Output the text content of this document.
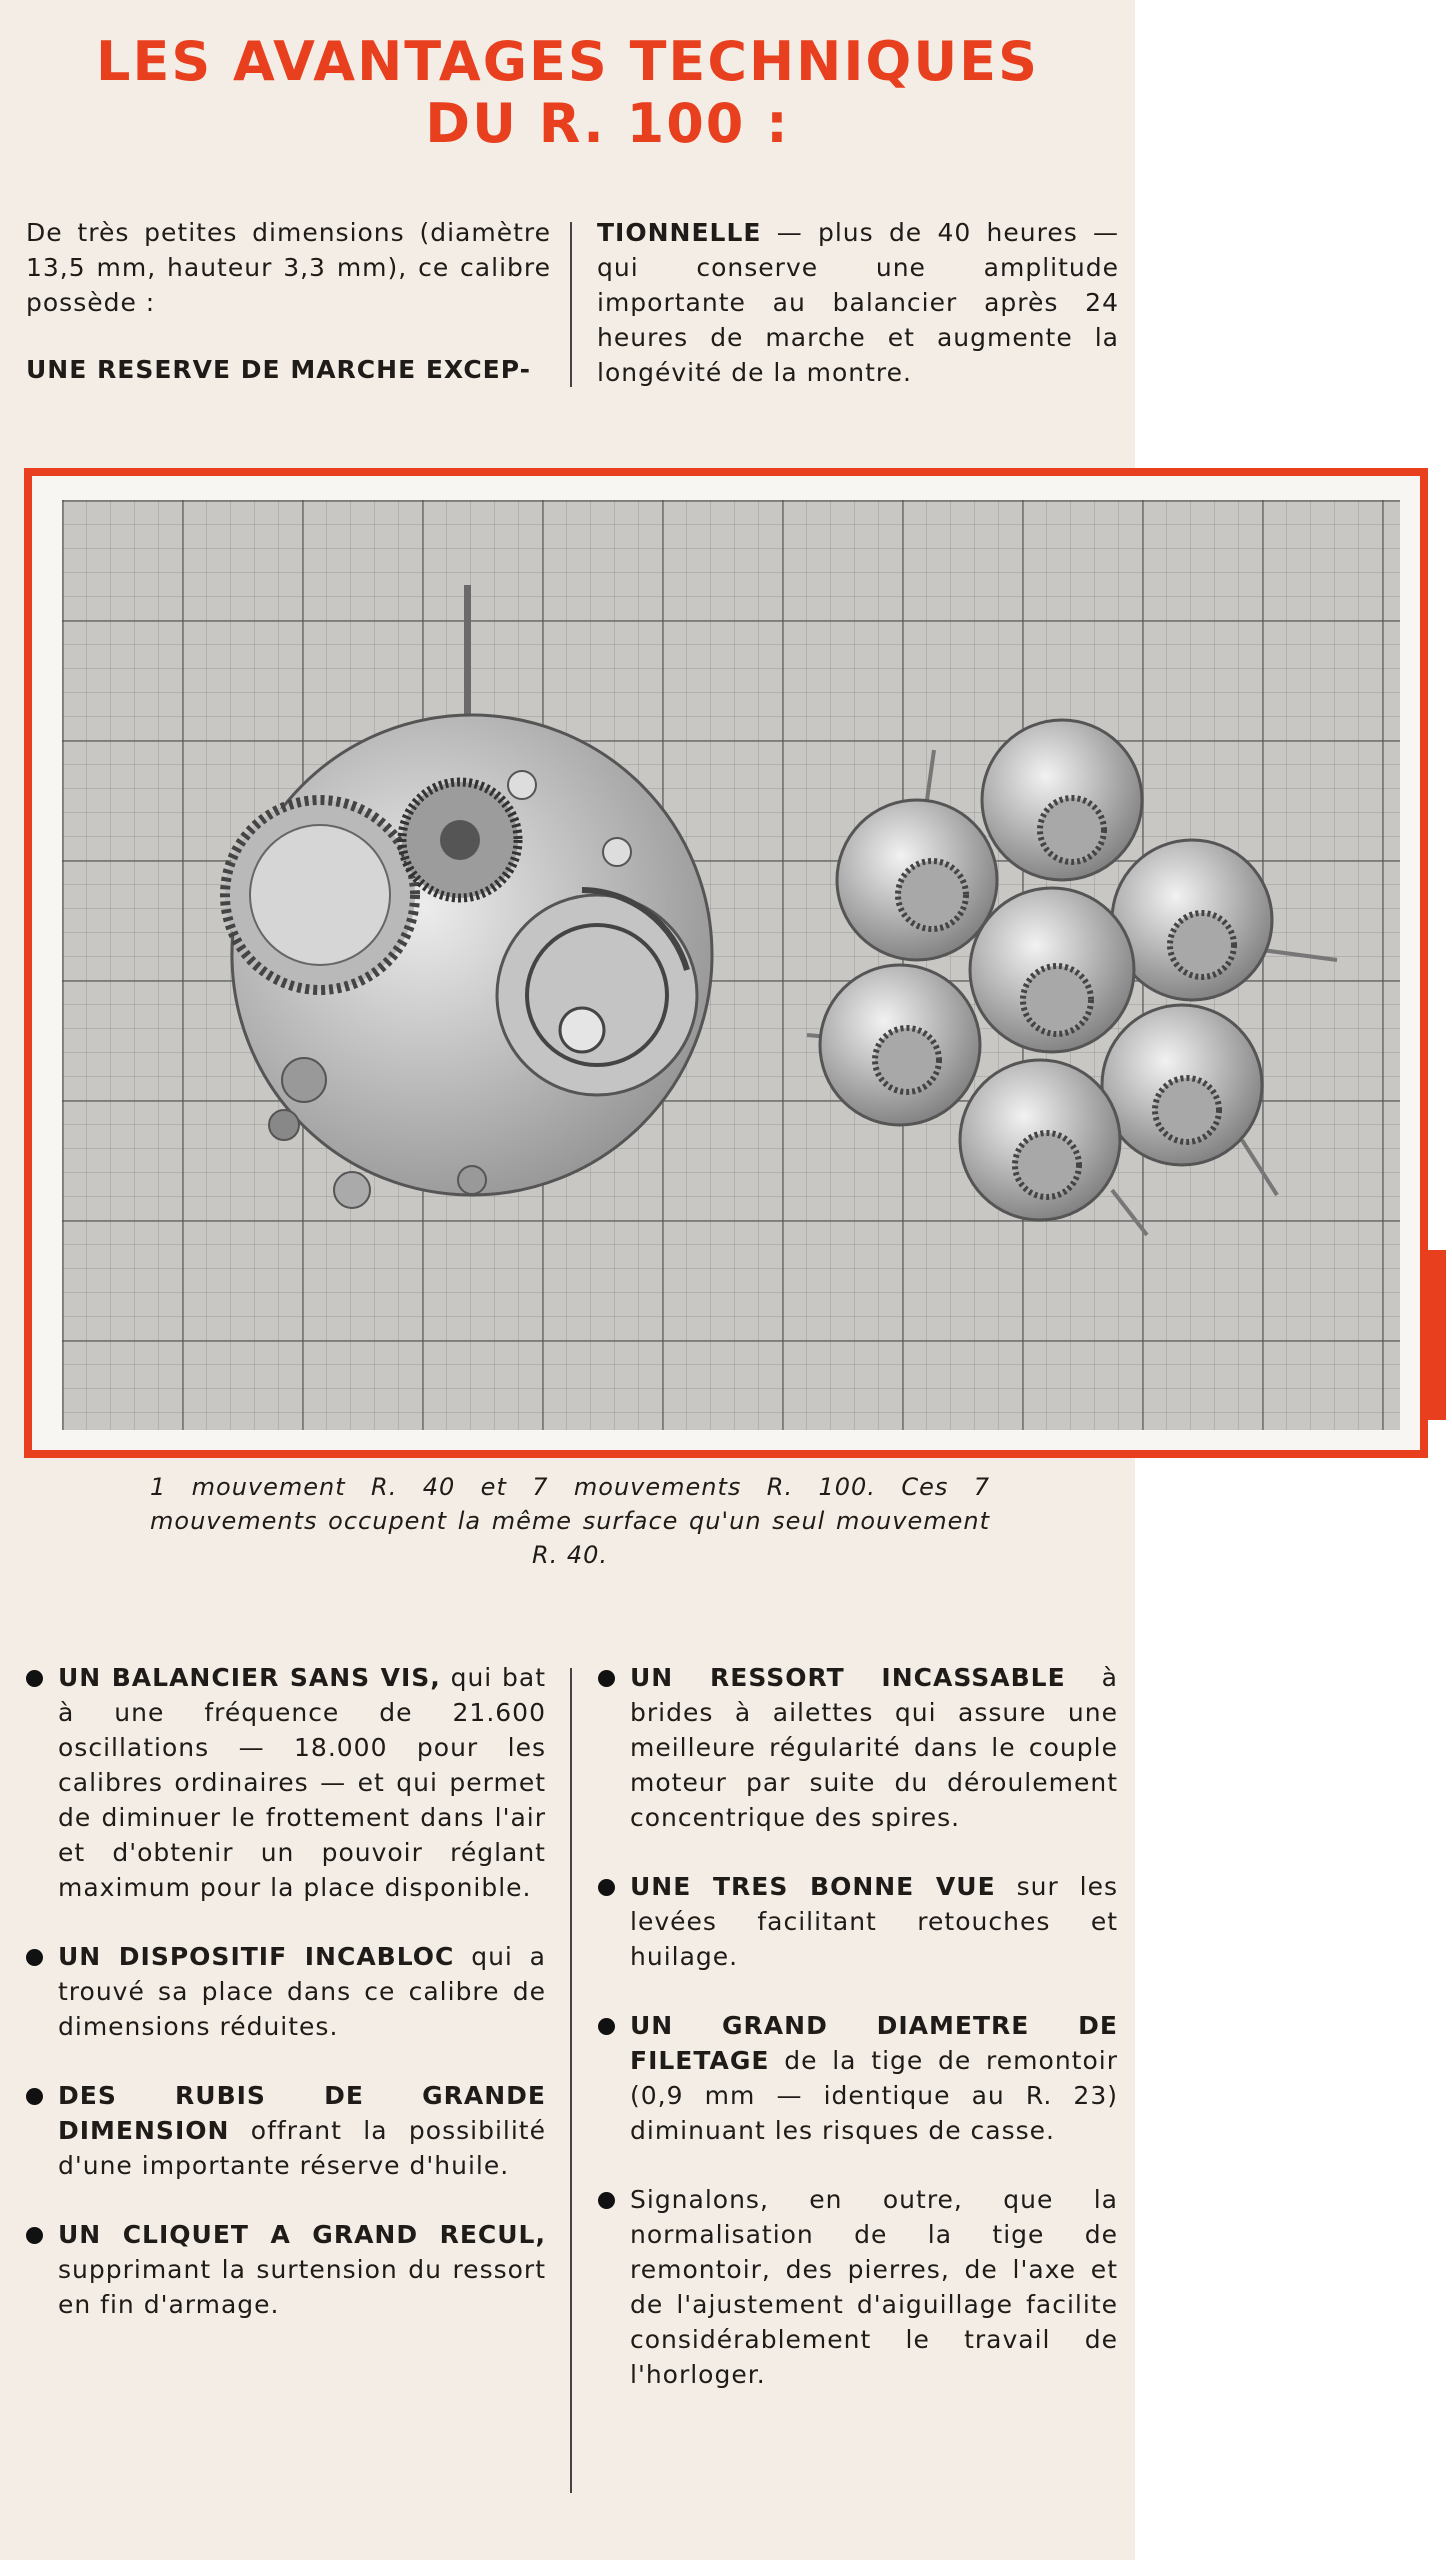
LES AVANTAGES TECHNIQUES
DU R. 100 :

De très petites dimensions (diamètre 13,5 mm, hauteur 3,3 mm), ce calibre possède :

UNE RESERVE DE MARCHE EXCEP-

TIONNELLE — plus de 40 heures — qui conserve une amplitude importante au balancier après 24 heures de marche et augmente la longévité de la montre.

1 mouvement R. 40 et 7 mouvements R. 100. Ces 7 mouvements occupent la même surface qu'un seul mouvement R. 40.

UN BALANCIER SANS VIS, qui bat à une fréquence de 21.600 oscillations — 18.000 pour les calibres ordinaires — et qui permet de diminuer le frottement dans l'air et d'obtenir un pouvoir réglant maximum pour la place disponible.
UN DISPOSITIF INCABLOC qui a trouvé sa place dans ce calibre de dimensions réduites.
DES RUBIS DE GRANDE DIMENSION offrant la possibilité d'une importante réserve d'huile.
UN CLIQUET A GRAND RECUL, supprimant la surtension du ressort en fin d'armage.
UN RESSORT INCASSABLE à brides à ailettes qui assure une meilleure régularité dans le couple moteur par suite du déroulement concentrique des spires.
UNE TRES BONNE VUE sur les levées facilitant retouches et huilage.
UN GRAND DIAMETRE DE FILETAGE de la tige de remontoir (0,9 mm — identique au R. 23) diminuant les risques de casse.
Signalons, en outre, que la normalisation de la tige de remontoir, des pierres, de l'axe et de l'ajustement d'aiguillage facilite considérablement le travail de l'horloger.
